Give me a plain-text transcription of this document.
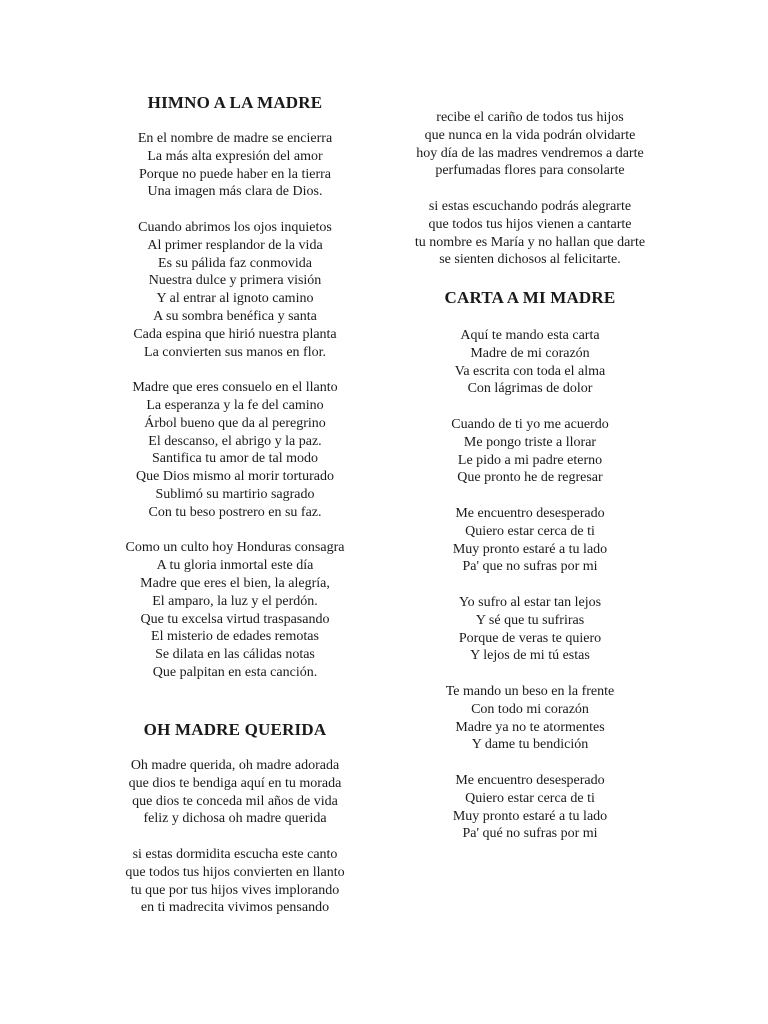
HIMNO A LA MADRE
En el nombre de madre se encierra
La más alta expresión del amor
Porque no puede haber en la tierra
Una imagen más clara de Dios.
Cuando abrimos los ojos inquietos
Al primer resplandor de la vida
Es su pálida faz conmovida
Nuestra dulce y primera visión
Y al entrar al ignoto camino
A su sombra benéfica y santa
Cada espina que hirió nuestra planta
La convierten sus manos en flor.
Madre que eres consuelo en el llanto
La esperanza y la fe del camino
Árbol bueno que da al peregrino
El descanso, el abrigo y la paz.
Santifica tu amor de tal modo
Que Dios mismo al morir torturado
Sublimó su martirio sagrado
Con tu beso postrero en su faz.
Como un culto hoy Honduras consagra
A tu gloria inmortal este día
Madre que eres el bien, la alegría,
El amparo, la luz y el perdón.
Que tu excelsa virtud traspasando
El misterio de edades remotas
Se dilata en las cálidas notas
Que palpitan en esta canción.
OH MADRE QUERIDA
Oh madre querida, oh madre adorada
que dios te bendiga aquí en tu morada
que dios te conceda mil años de vida
feliz y dichosa oh madre querida
si estas dormidita escucha este canto
que todos tus hijos convierten en llanto
tu que por tus hijos vives implorando
en ti madrecita vivimos pensando
recibe el cariño de todos tus hijos
que nunca en la vida podrán olvidarte
hoy día de las madres vendremos a darte
perfumadas flores para consolarte
si estas escuchando podrás alegrarte
que todos tus hijos vienen a cantarte
tu nombre es María y no hallan que darte
se sienten dichosos al felicitarte.
CARTA A MI MADRE
Aquí te mando esta carta
Madre de mi corazón
Va escrita con toda el alma
Con lágrimas de dolor
Cuando de ti yo me acuerdo
Me pongo triste a llorar
Le pido a mi padre eterno
Que pronto he de regresar
Me encuentro desesperado
Quiero estar cerca de ti
Muy pronto estaré a tu lado
Pa' que no sufras por mi
Yo sufro al estar tan lejos
Y sé que tu sufriras
Porque de veras te quiero
Y lejos de mi tú estas
Te mando un beso en la frente
Con todo mi corazón
Madre ya no te atormentes
Y dame tu bendición
Me encuentro desesperado
Quiero estar cerca de ti
Muy pronto estaré a tu lado
Pa' qué no sufras por mi
